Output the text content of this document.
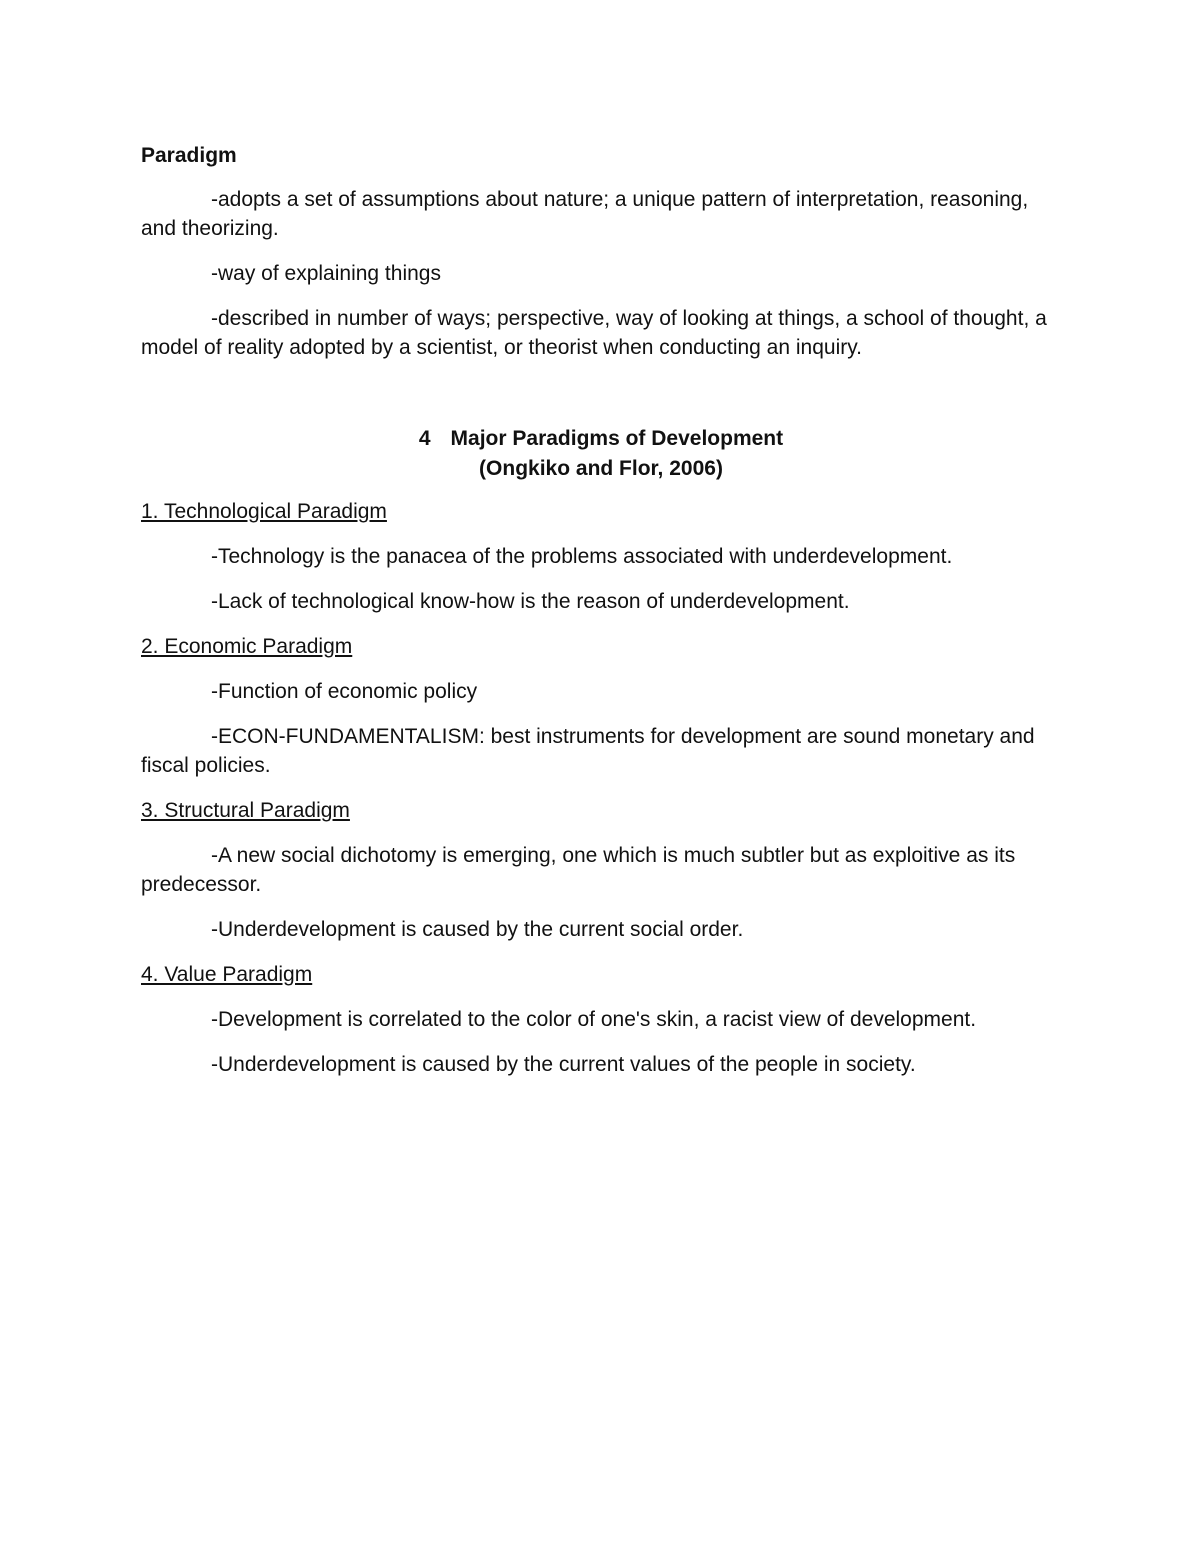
Paradigm

-adopts a set of assumptions about nature; a unique pattern of interpretation, reasoning, and theorizing.

-way of explaining things

-described in number of ways; perspective, way of looking at things, a school of thought, a model of reality adopted by a scientist, or theorist when conducting an inquiry.

4 Major Paradigms of Development
(Ongkiko and Flor, 2006)
1. Technological Paradigm

-Technology is the panacea of the problems associated with underdevelopment.

-Lack of technological know-how is the reason of underdevelopment.

2. Economic Paradigm

-Function of economic policy

-ECON-FUNDAMENTALISM: best instruments for development are sound monetary and fiscal policies.

3. Structural Paradigm

-A new social dichotomy is emerging, one which is much subtler but as exploitive as its predecessor.

-Underdevelopment is caused by the current social order.

4. Value Paradigm

-Development is correlated to the color of one's skin, a racist view of development.

-Underdevelopment is caused by the current values of the people in society.
